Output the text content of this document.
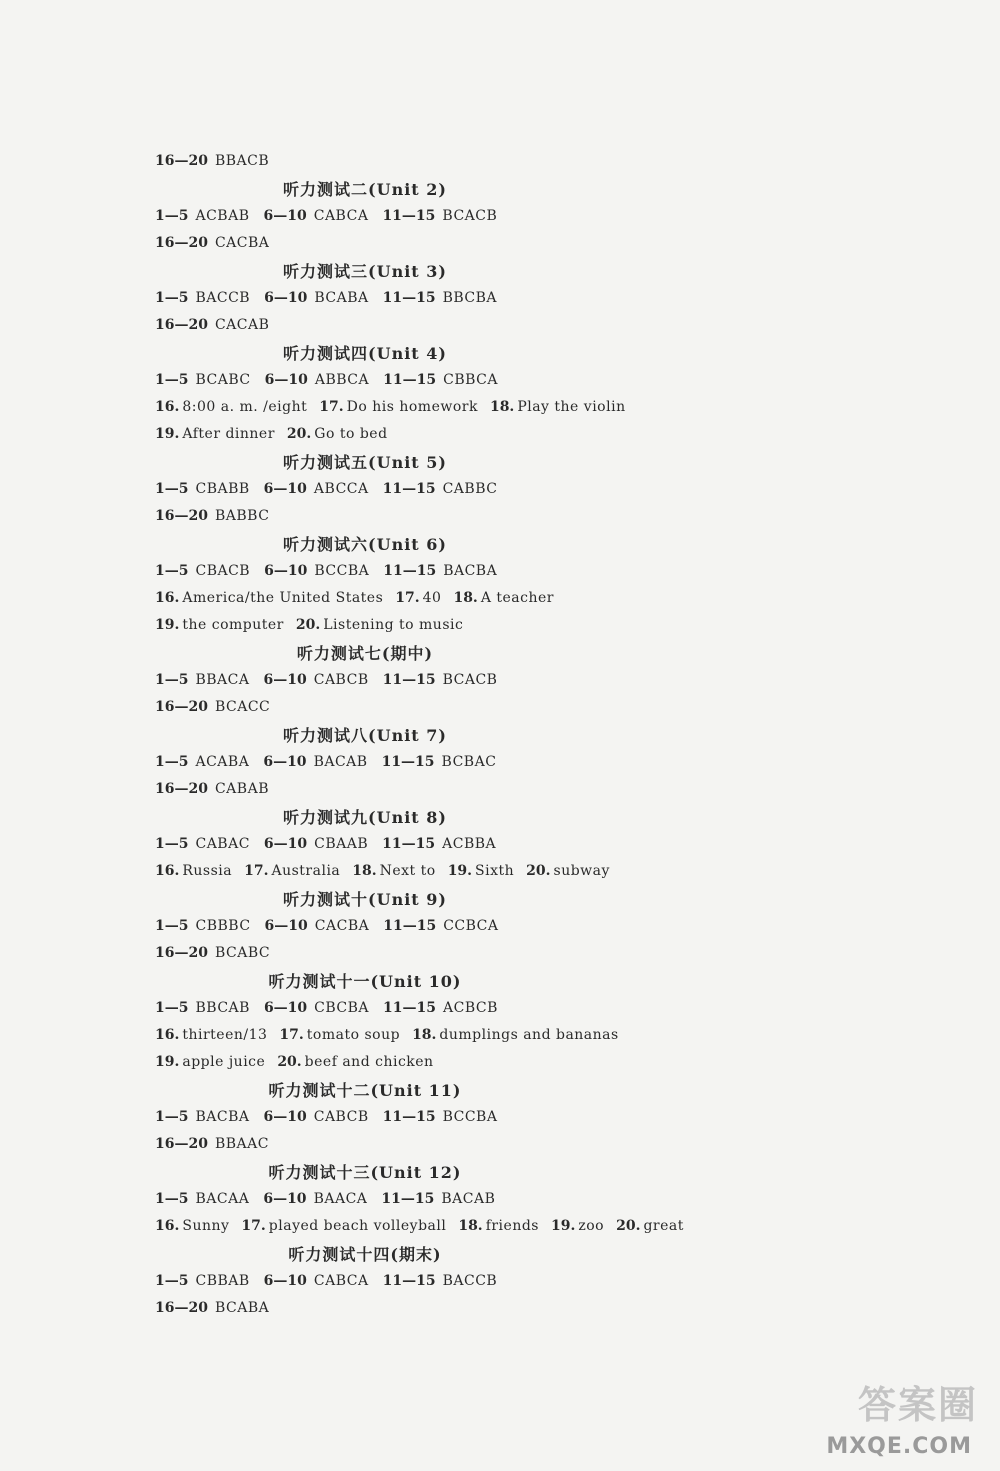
16—20 BBACB
听力测试二(Unit 2)
1—5 ACBAB 6—10 CABCA 11—15 BCACB
16—20 CACBA
听力测试三(Unit 3)
1—5 BACCB 6—10 BCABA 11—15 BBCBA
16—20 CACAB
听力测试四(Unit 4)
1—5 BCABC 6—10 ABBCA 11—15 CBBCA
16. 8:00 a. m. /eight 17. Do his homework 18. Play the violin
19. After dinner 20. Go to bed
听力测试五(Unit 5)
1—5 CBABB 6—10 ABCCA 11—15 CABBC
16—20 BABBC
听力测试六(Unit 6)
1—5 CBACB 6—10 BCCBA 11—15 BACBA
16. America/the United States 17. 40 18. A teacher
19. the computer 20. Listening to music
听力测试七(期中)
1—5 BBACA 6—10 CABCB 11—15 BCACB
16—20 BCACC
听力测试八(Unit 7)
1—5 ACABA 6—10 BACAB 11—15 BCBAC
16—20 CABAB
听力测试九(Unit 8)
1—5 CABAC 6—10 CBAAB 11—15 ACBBA
16. Russia 17. Australia 18. Next to 19. Sixth 20. subway
听力测试十(Unit 9)
1—5 CBBBC 6—10 CACBA 11—15 CCBCA
16—20 BCABC
听力测试十一(Unit 10)
1—5 BBCAB 6—10 CBCBA 11—15 ACBCB
16. thirteen/13 17. tomato soup 18. dumplings and bananas
19. apple juice 20. beef and chicken
听力测试十二(Unit 11)
1—5 BACBA 6—10 CABCB 11—15 BCCBA
16—20 BBAAC
听力测试十三(Unit 12)
1—5 BACAA 6—10 BAACA 11—15 BACAB
16. Sunny 17. played beach volleyball 18. friends 19. zoo 20. great
听力测试十四(期末)
1—5 CBBAB 6—10 CABCA 11—15 BACCB
16—20 BCABA
答案圈
MXQE.COM
